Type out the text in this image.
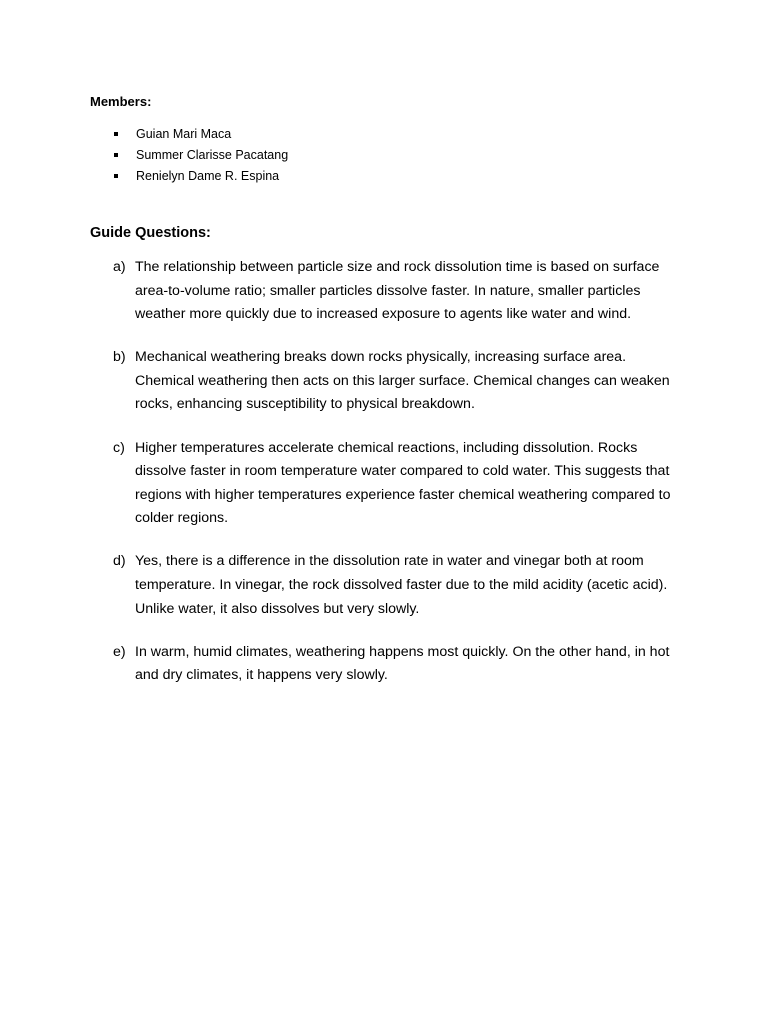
Members:

Guian Mari Maca
Summer Clarisse Pacatang
Renielyn Dame R. Espina

Guide Questions:

a) The relationship between particle size and rock dissolution time is based on surface area-to-volume ratio; smaller particles dissolve faster. In nature, smaller particles weather more quickly due to increased exposure to agents like water and wind.
b) Mechanical weathering breaks down rocks physically, increasing surface area. Chemical weathering then acts on this larger surface. Chemical changes can weaken rocks, enhancing susceptibility to physical breakdown.
c) Higher temperatures accelerate chemical reactions, including dissolution. Rocks dissolve faster in room temperature water compared to cold water. This suggests that regions with higher temperatures experience faster chemical weathering compared to colder regions.
d) Yes, there is a difference in the dissolution rate in water and vinegar both at room temperature. In vinegar, the rock dissolved faster due to the mild acidity (acetic acid). Unlike water, it also dissolves but very slowly.
e) In warm, humid climates, weathering happens most quickly. On the other hand, in hot and dry climates, it happens very slowly.
